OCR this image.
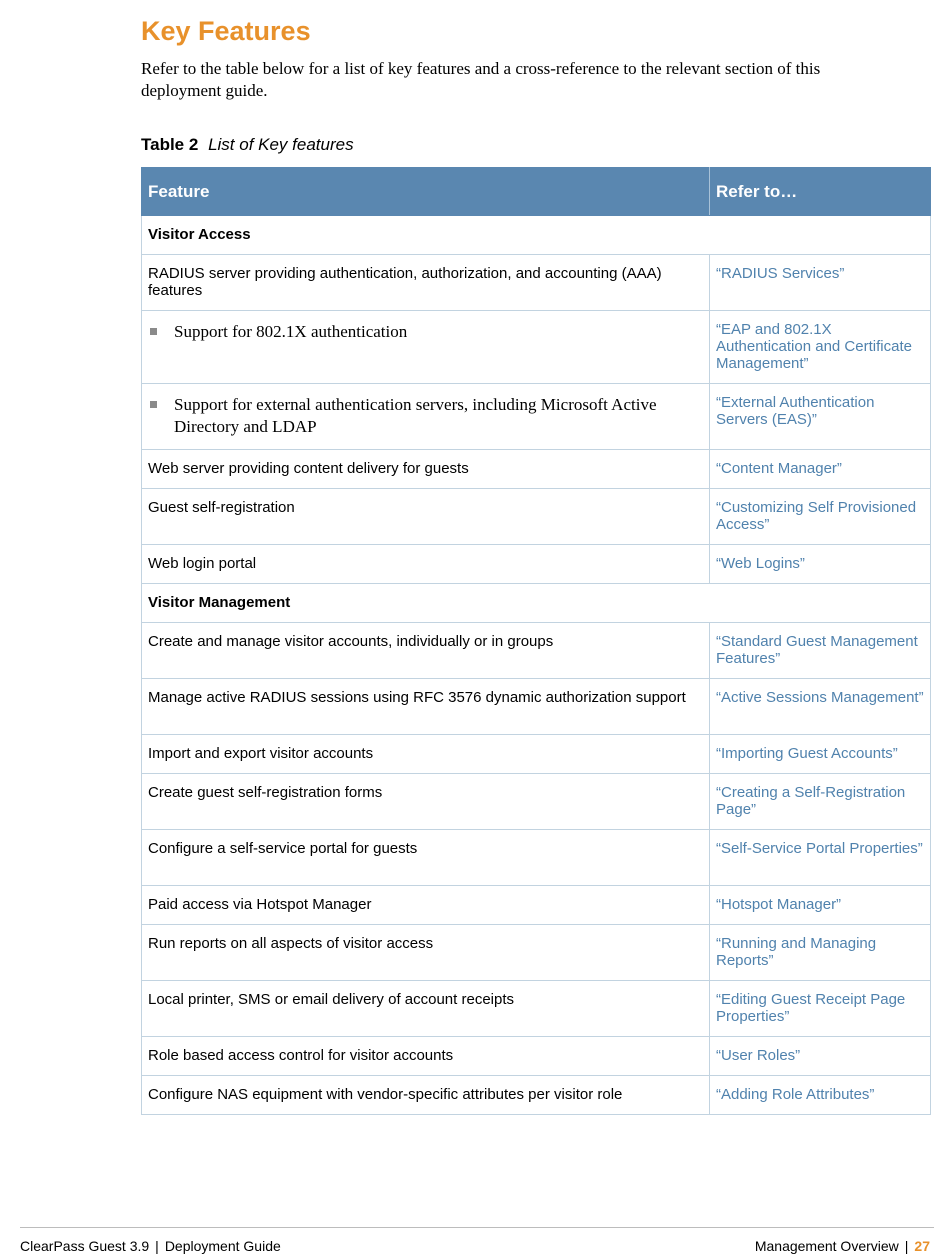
Key Features

Refer to the table below for a list of key features and a cross-reference to the relevant section of this deployment guide.

Table 2 List of Key features

Feature	Refer to…
Visitor Access	
RADIUS server providing authentication, authorization, and accounting (AAA) features	“RADIUS Services”

Support for 802.1X authentication	“EAP and 802.1X Authentication and Certificate Management”

Support for external authentication servers, including Microsoft Active Directory and LDAP	“External Authentication Servers (EAS)”
Web server providing content delivery for guests	“Content Manager”
Guest self-registration	“Customizing Self Provisioned Access”
Web login portal	“Web Logins”
Visitor Management	
Create and manage visitor accounts, individually or in groups	“Standard Guest Management Features”
Manage active RADIUS sessions using RFC 3576 dynamic authorization support	“Active Sessions Management”
Import and export visitor accounts	“Importing Guest Accounts”
Create guest self-registration forms	“Creating a Self-Registration Page”
Configure a self-service portal for guests	“Self-Service Portal Properties”
Paid access via Hotspot Manager	“Hotspot Manager”
Run reports on all aspects of visitor access	“Running and Managing Reports”
Local printer, SMS or email delivery of account receipts	“Editing Guest Receipt Page Properties”
Role based access control for visitor accounts	“User Roles”
Configure NAS equipment with vendor-specific attributes per visitor role	“Adding Role Attributes”
ClearPass Guest 3.9 | Deployment Guide	Management Overview | 27
